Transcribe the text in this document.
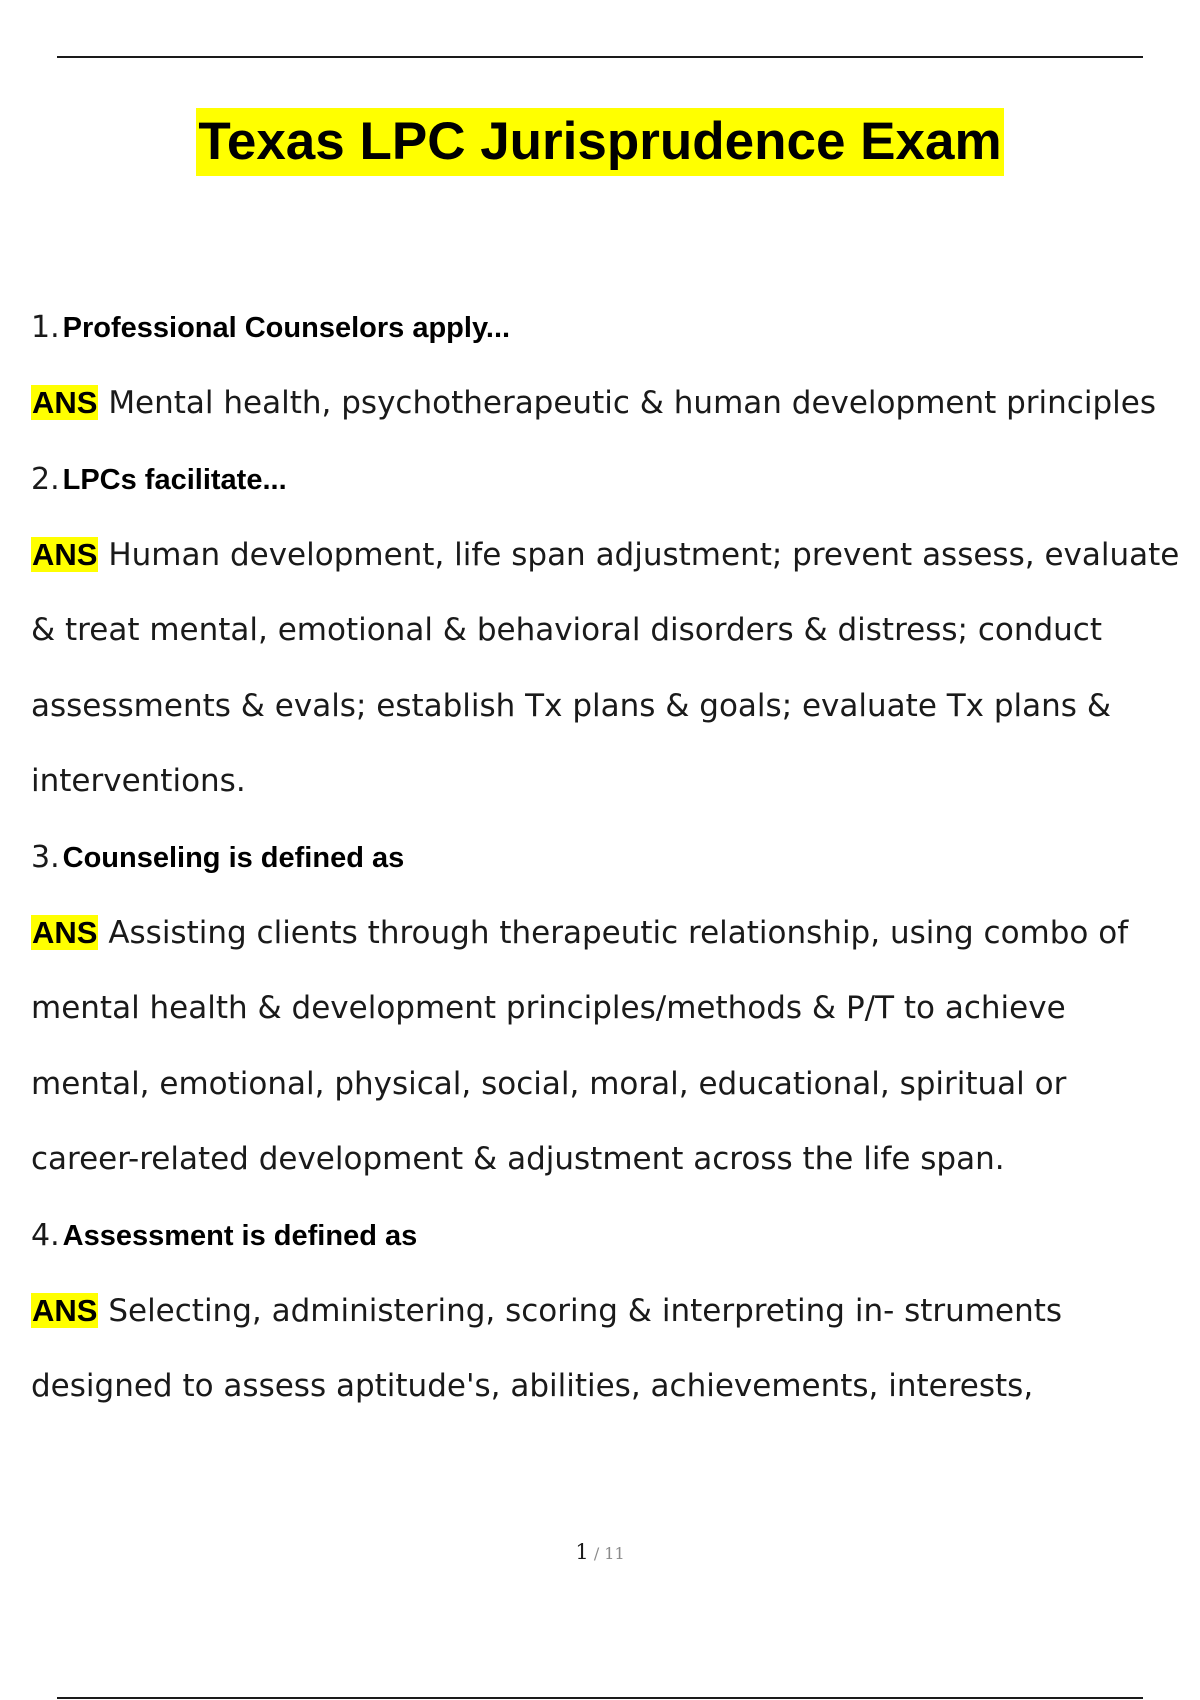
Texas LPC Jurisprudence Exam
1. Professional Counselors apply...
ANS Mental health, psychotherapeutic & human development principles
2. LPCs facilitate...
ANS Human development, life span adjustment; prevent assess, evaluate & treat mental, emotional & behavioral disorders & distress; conduct assessments & evals; establish Tx plans & goals; evaluate Tx plans & interventions.
3. Counseling is defined as
ANS Assisting clients through therapeutic relationship, using combo of mental health & development principles/methods & P/T to achieve mental, emotional, physical, social, moral, educational, spiritual or career-related development & adjustment across the life span.
4. Assessment is defined as
ANS Selecting, administering, scoring & interpreting in- struments designed to assess aptitude's, abilities, achievements, interests,
1 / 11
